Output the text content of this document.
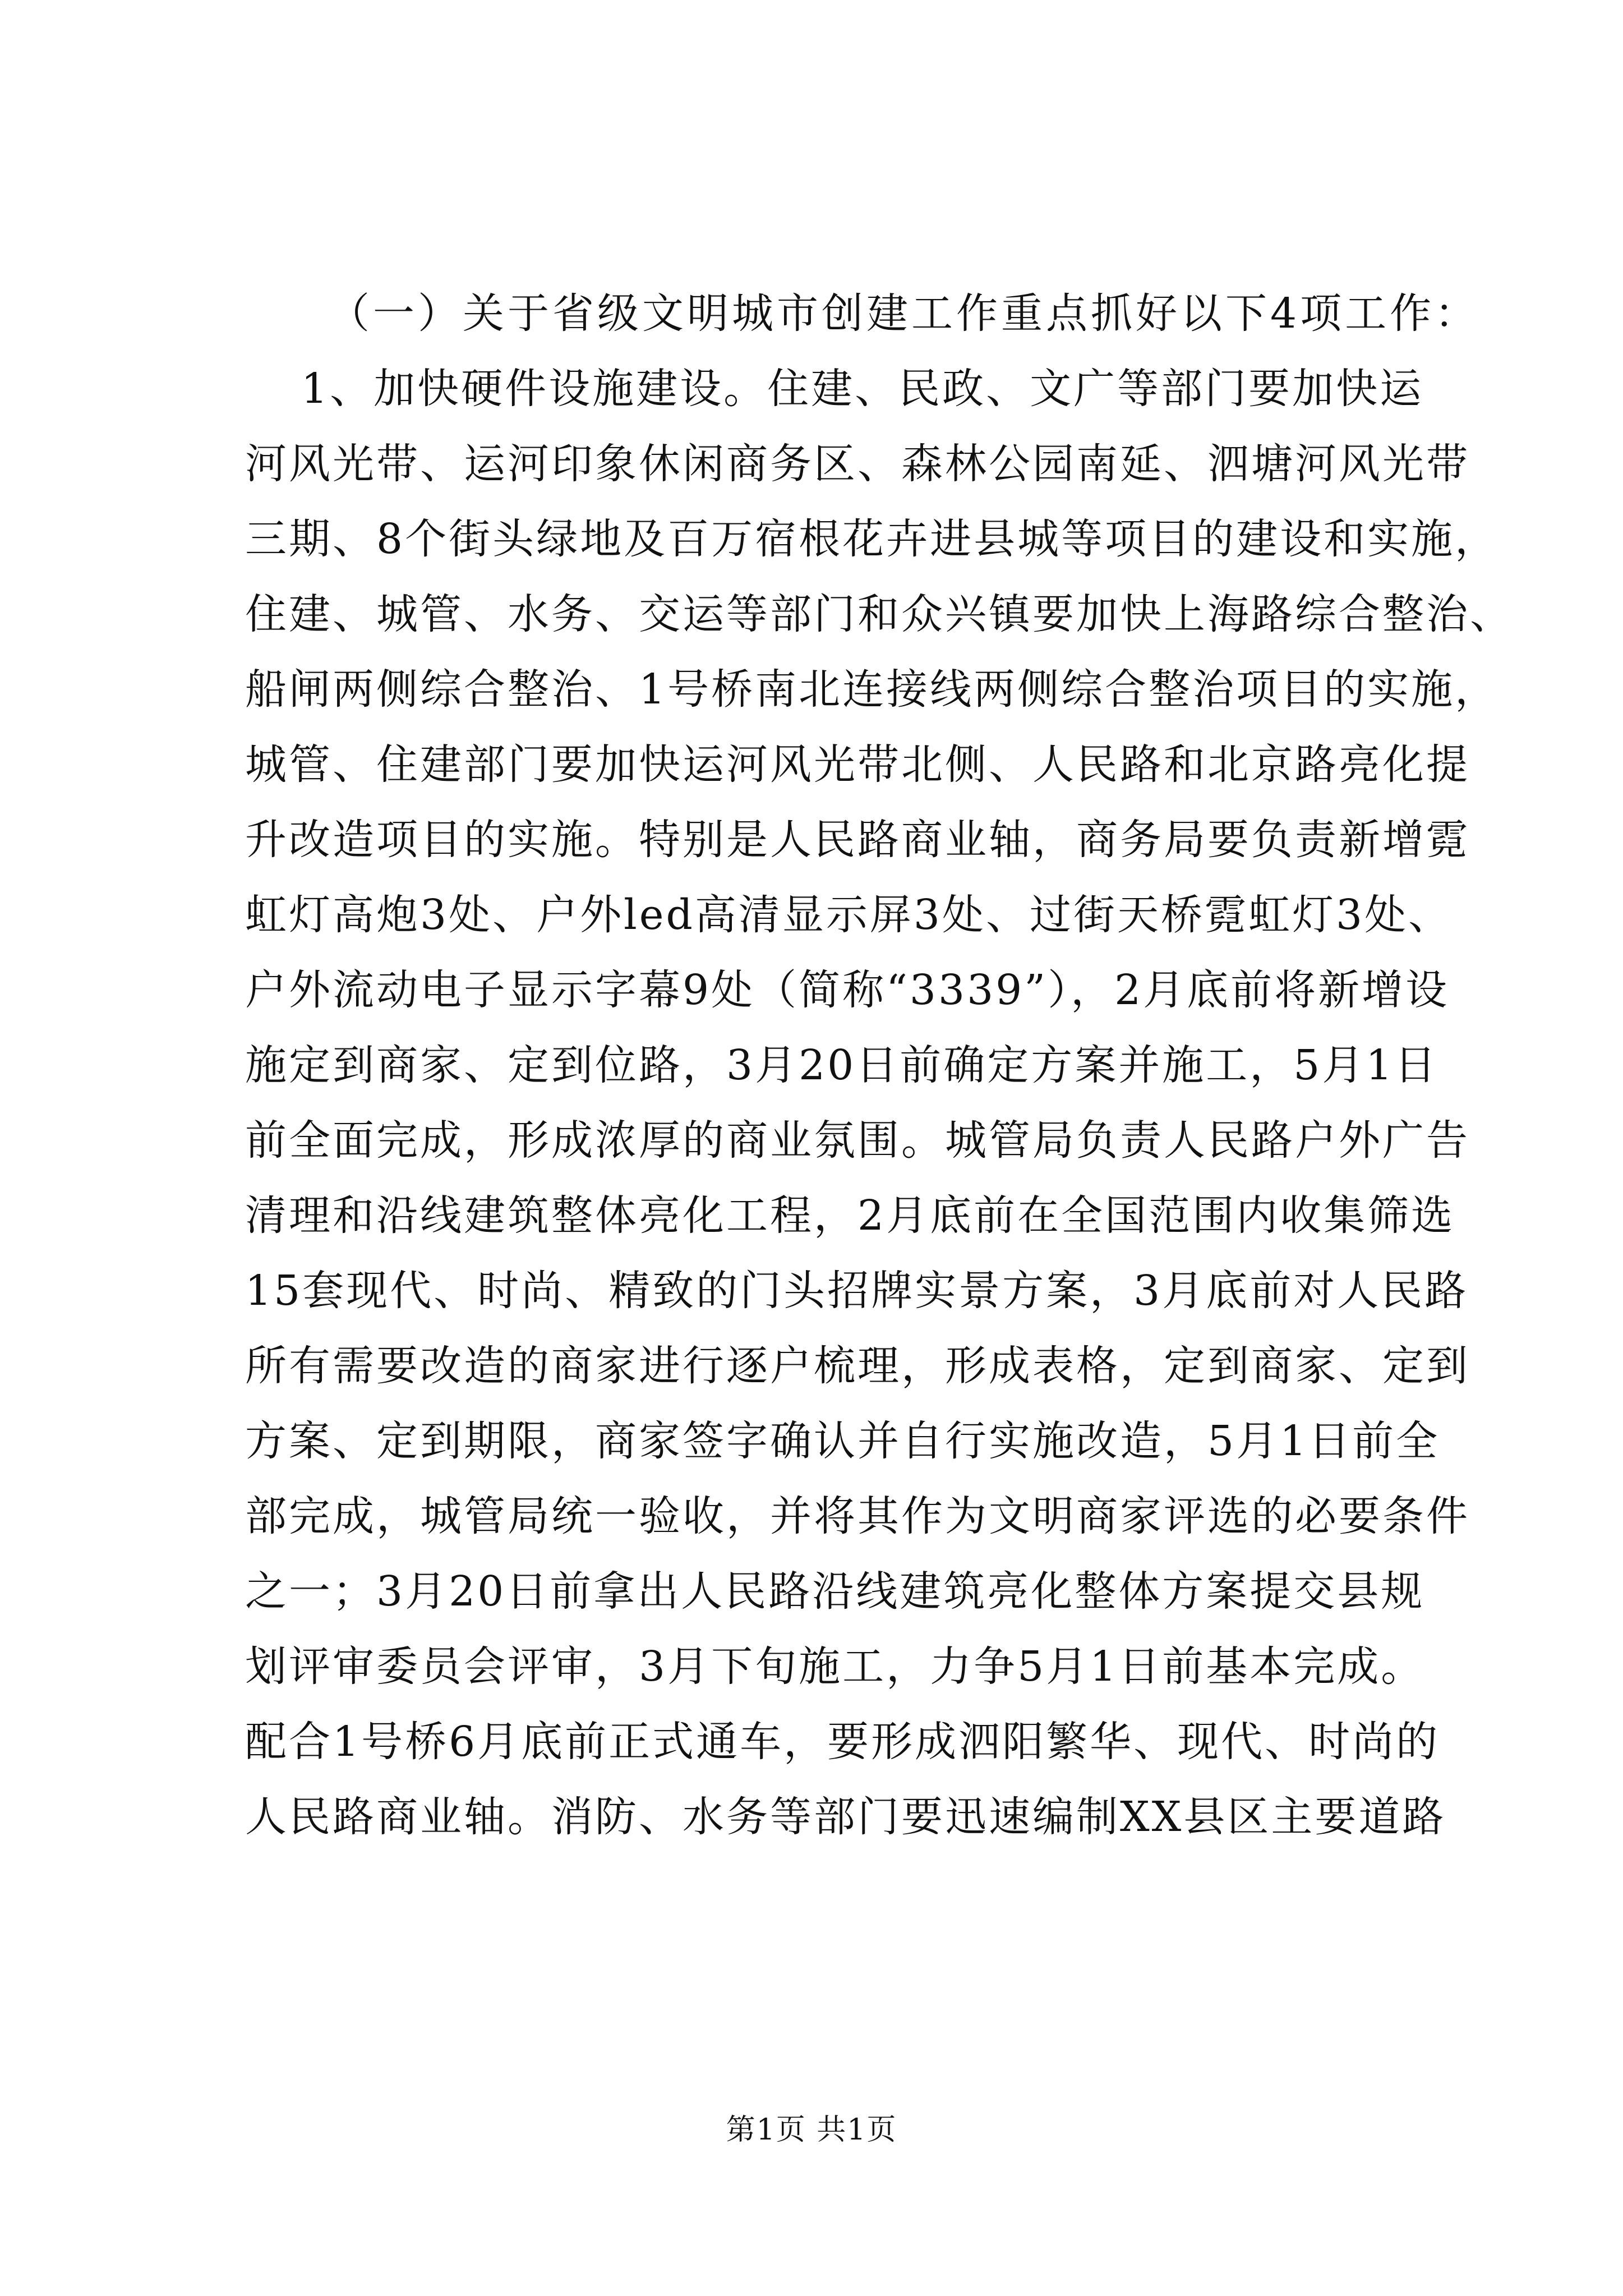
（一）关于省级文明城市创建工作重点抓好以下4项工作：

1、加快硬件设施建设。住建、民政、文广等部门要加快运
河风光带、运河印象休闲商务区、森林公园南延、泗塘河风光带
三期、8个街头绿地及百万宿根花卉进县城等项目的建设和实施，
住建、城管、水务、交运等部门和众兴镇要加快上海路综合整治、
船闸两侧综合整治、1号桥南北连接线两侧综合整治项目的实施，
城管、住建部门要加快运河风光带北侧、人民路和北京路亮化提
升改造项目的实施。特别是人民路商业轴，商务局要负责新增霓
虹灯高炮3处、户外led高清显示屏3处、过街天桥霓虹灯3处、
户外流动电子显示字幕9处（简称“3339”），2月底前将新增设
施定到商家、定到位路，3月20日前确定方案并施工，5月1日
前全面完成，形成浓厚的商业氛围。城管局负责人民路户外广告
清理和沿线建筑整体亮化工程，2月底前在全国范围内收集筛选
15套现代、时尚、精致的门头招牌实景方案，3月底前对人民路
所有需要改造的商家进行逐户梳理，形成表格，定到商家、定到
方案、定到期限，商家签字确认并自行实施改造，5月1日前全
部完成，城管局统一验收，并将其作为文明商家评选的必要条件
之一；3月20日前拿出人民路沿线建筑亮化整体方案提交县规
划评审委员会评审，3月下旬施工，力争5月1日前基本完成。
配合1号桥6月底前正式通车，要形成泗阳繁华、现代、时尚的
人民路商业轴。消防、水务等部门要迅速编制XX县区主要道路
第1页 共1页
